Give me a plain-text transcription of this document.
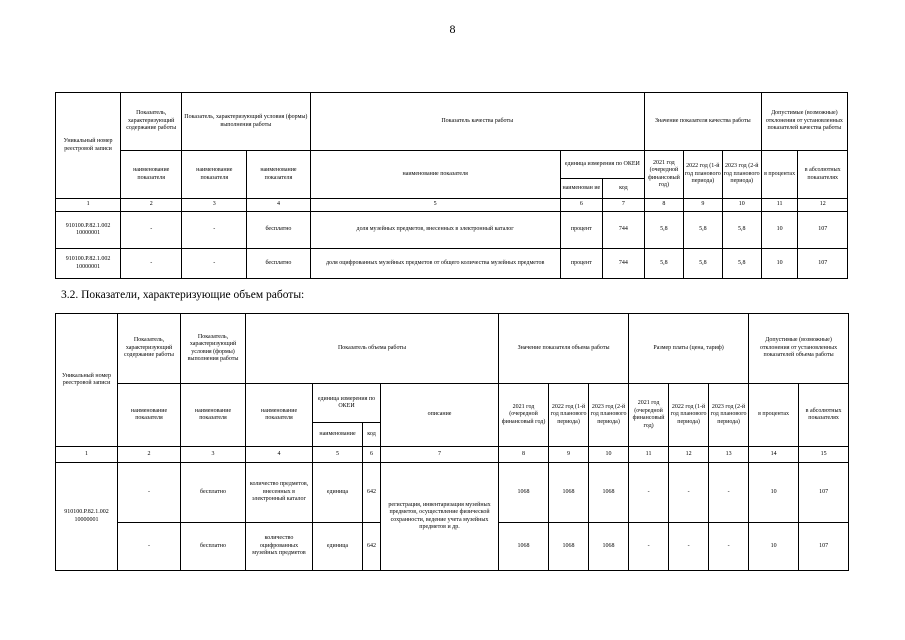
8
Уникальный номер реестровой записи	Показатель, характеризующий содержание работы	Показатель, характеризующий условия (формы) выполнения работы		Показатель качества работы			Значение показателя качества работы			Допустимые (возможные) отклонения от установленных показателей качества работы	
	наименование показателя	наименование показателя	наименование показателя	наименование показателя	единица измерения по ОКЕИ		2021 год (очередной финансовый год)	2022 год (1-й год планового периода)	2023 год (2-й год планового периода)	в процентах	в абсолютных показателях
					наименован ие	код					
1	2	3	4	5	6	7	8	9	10	11	12
910100.Р.82.1.002 10000001	-	-	бесплатно	доля музейных предметов, внесенных в электронный каталог	процент	744	5,8	5,8	5,8	10	107
910100.Р.82.1.002 10000001	-	-	бесплатно	доля оцифрованных музейных предметов от общего количества музейных предметов	процент	744	5,8	5,8	5,8	10	107
3.2. Показатели, характеризующие объем работы:
Уникальный номер реестровой записи	Показатель, характеризующий содержание работы	Показатель, характеризующий условия (формы) выполнения работы	Показатель объема работы				Значение показателя объема работы			Размер платы (цена, тариф)			Допустимые (возможные) отклонения от установленных показателей объема работы	
	наименование показателя	наименование показателя	наименование показателя	единица измерения по ОКЕИ		описание	2021 год (очередной финансовый год)	2022 год (1-й год планового периода)	2023 год (2-й год планового периода)	2021 год (очередной финансовый год)	2022 год (1-й год планового периода)	2023 год (2-й год планового периода)	в процентах	в абсолютных показателях
				наименование	код									
1	2	3	4	5	6	7	8	9	10	11	12	13	14	15
910100.Р.82.1.002 10000001	-	бесплатно	количество предметов, внесенных в электронный каталог	единица	642	регистрация, инвентаризация музейных предметов, осуществление физической сохранности, ведение учета музейных предметов и др.	1068	1068	1068	-	-	-	10	107
	-	бесплатно	количество оцифрованных музейных предметов	единица	642		1068	1068	1068	-	-	-	10	107
